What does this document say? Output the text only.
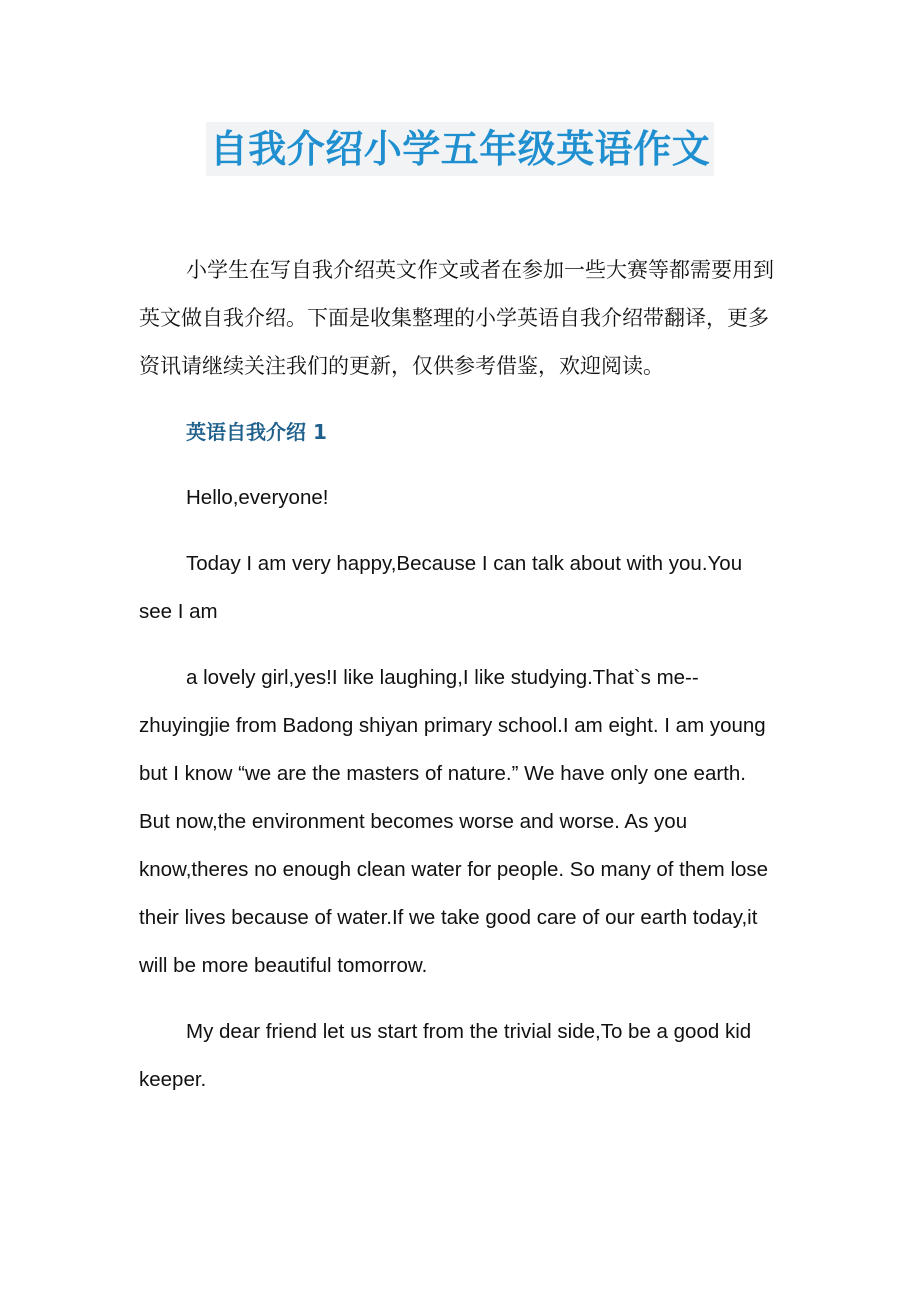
自我介绍小学五年级英语作文

小学生在写自我介绍英文作文或者在参加一些大赛等都需要用到英文做自我介绍。下面是收集整理的小学英语自我介绍带翻译，更多资讯请继续关注我们的更新，仅供参考借鉴，欢迎阅读。

英语自我介绍 1

Hello,everyone!

Today I am very happy,Because I can talk about with you.You see I am

a lovely girl,yes!I like laughing,I like studying.That`s me--zhuyingjie from Badong shiyan primary school.I am eight. I am young but I know “we are the masters of nature.” We have only one earth. But now,the environment becomes worse and worse. As you know,theres no enough clean water for people. So many of them lose their lives because of water.If we take good care of our earth today,it will be more beautiful tomorrow.

My dear friend let us start from the trivial side,To be a good kid keeper.
